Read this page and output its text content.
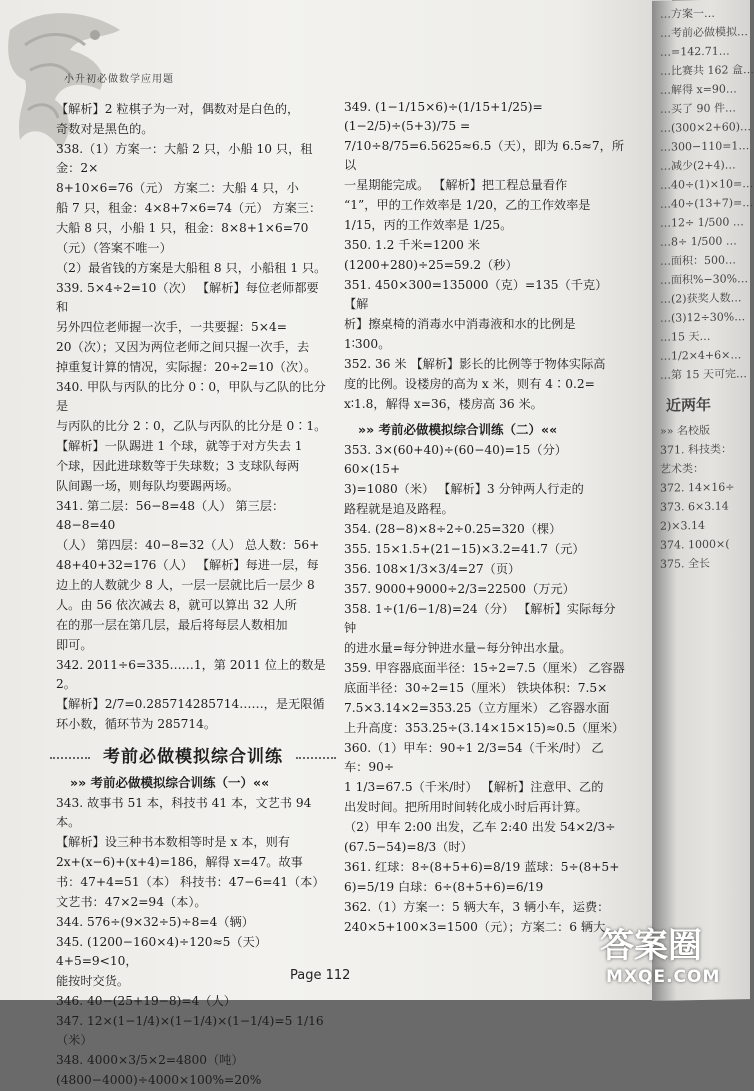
小升初必做数学应用题
【解析】2 粒棋子为一对，偶数对是白色的，
奇数对是黑色的。
338.（1）方案一：大船 2 只，小船 10 只，租金：2×
8+10×6=76（元） 方案二：大船 4 只，小
船 7 只，租金：4×8+7×6=74（元） 方案三：
大船 8 只，小船 1 只，租金：8×8+1×6=70
（元）（答案不唯一）
（2）最省钱的方案是大船租 8 只，小船租 1 只。
339. 5×4÷2=10（次） 【解析】每位老师都要和
另外四位老师握一次手，一共要握：5×4=
20（次）；又因为两位老师之间只握一次手，去
掉重复计算的情况，实际握：20÷2=10（次）。
340. 甲队与丙队的比分 0∶0，甲队与乙队的比分是
与丙队的比分 2∶0，乙队与丙队的比分是 0∶1。
【解析】一队踢进 1 个球，就等于对方失去 1
个球，因此进球数等于失球数；3 支球队每两
队间踢一场，则每队均要踢两场。
341. 第二层：56−8=48（人） 第三层：48−8=40
（人） 第四层：40−8=32（人） 总人数：56+
48+40+32=176（人） 【解析】每进一层，每
边上的人数就少 8 人，一层一层就比后一层少 8
人。由 56 依次减去 8，就可以算出 32 人所
在的那一层在第几层，最后将每层人数相加
即可。
342. 2011÷6=335……1，第 2011 位上的数是 2。
【解析】2/7=0.285714285714……，是无限循
环小数，循环节为 285714。
考前必做模拟综合训练
»» 考前必做模拟综合训练（一）««
343. 故事书 51 本，科技书 41 本，文艺书 94 本。
【解析】设三种书本数相等时是 x 本，则有
2x+(x−6)+(x+4)=186，解得 x=47。故事
书：47+4=51（本） 科技书：47−6=41（本）
文艺书：47×2=94（本）。
344. 576÷(9×32÷5)÷8=4（辆）
345. (1200−160×4)÷120≈5（天） 4+5=9<10，
能按时交货。
346. 40−(25+19−8)=4（人）
347. 12×(1−1/4)×(1−1/4)×(1−1/4)=5 1/16（米）
348. 4000×3/5×2=4800（吨）
(4800−4000)÷4000×100%=20%
349. (1−1/15×6)÷(1/15+1/25)=(1−2/5)÷(5+3)/75 =
7/10÷8/75=6.5625≈6.5（天），即为 6.5≈7，所以
一星期能完成。 【解析】把工程总量看作
“1”，甲的工作效率是 1/20，乙的工作效率是
1/15，丙的工作效率是 1/25。
350. 1.2 千米=1200 米
(1200+280)÷25=59.2（秒）
351. 450×300=135000（克）=135（千克） 【解
析】擦桌椅的消毒水中消毒液和水的比例是
1∶300。
352. 36 米 【解析】影长的比例等于物体实际高
度的比例。设楼房的高为 x 米，则有 4∶0.2=
x∶1.8，解得 x=36，楼房高 36 米。
»» 考前必做模拟综合训练（二）««
353. 3×(60+40)÷(60−40)=15（分） 60×(15+
3)=1080（米） 【解析】3 分钟两人行走的
路程就是追及路程。
354. (28−8)×8÷2÷0.25=320（棵）
355. 15×1.5+(21−15)×3.2=41.7（元）
356. 108×1/3×3/4=27（页）
357. 9000+9000÷2/3=22500（万元）
358. 1÷(1/6−1/8)=24（分） 【解析】实际每分钟
的进水量=每分钟进水量−每分钟出水量。
359. 甲容器底面半径：15÷2=7.5（厘米） 乙容器
底面半径：30÷2=15（厘米） 铁块体积：7.5×
7.5×3.14×2=353.25（立方厘米） 乙容器水面
上升高度：353.25÷(3.14×15×15)≈0.5（厘米）
360.（1）甲车：90÷1 2/3=54（千米/时） 乙车：90÷
1 1/3=67.5（千米/时） 【解析】注意甲、乙的
出发时间。把所用时间转化成小时后再计算。
（2）甲车 2:00 出发，乙车 2:40 出发 54×2/3÷
(67.5−54)=8/3（时）
361. 红球：8÷(8+5+6)=8/19 蓝球：5÷(8+5+
6)=5/19 白球：6÷(8+5+6)=6/19
362.（1）方案一：5 辆大车，3 辆小车，运费：
240×5+100×3=1500（元）；方案二：6 辆大
Page 112
…方案一…
…考前必做模拟…
…=142.71…
…比赛共 162 盒…
…解得 x=90…
…买了 90 件…
…(300×2+60)…
…300−110=1…
…减少(2+4)…
…40÷(1)×10=…
…40÷(13+7)=…
…12÷ 1/500 …
…8÷ 1/500 …
…面积：500…
…面积%−30%…
…(2)获奖人数…
…(3)12÷30%…
…15 天…
…1/2×4+6×…
…第 15 天可完…
近两年
»» 名校版
371. 科技类：
艺术类：
372. 14×16÷
373. 6×3.14
2)×3.14
374. 1000×(
375. 全长
答案圈
MXQE.COM
